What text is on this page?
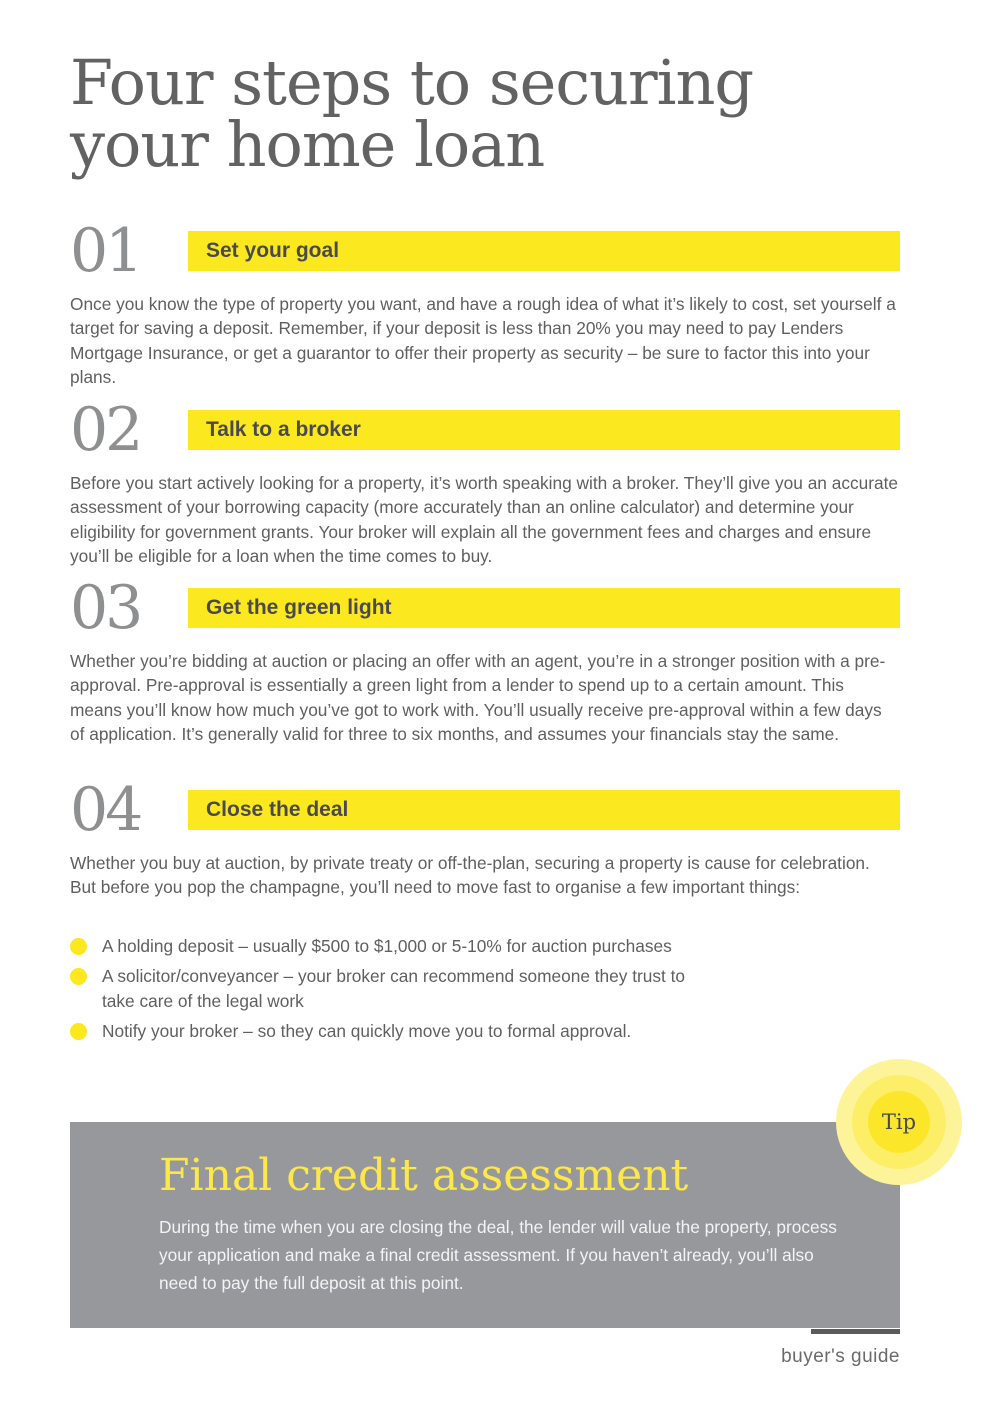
Four steps to securing your home loan
01	Set your goal

Once you know the type of property you want, and have a rough idea of what it’s likely to cost, set yourself a target for saving a deposit. Remember, if your deposit is less than 20% you may need to pay Lenders Mortgage Insurance, or get a guarantor to offer their property as security – be sure to factor this into your plans.

02	Talk to a broker

Before you start actively looking for a property, it’s worth speaking with a broker. They’ll give you an accurate assessment of your borrowing capacity (more accurately than an online calculator) and determine your eligibility for government grants. Your broker will explain all the government fees and charges and ensure you’ll be eligible for a loan when the time comes to buy.

03	Get the green light

Whether you’re bidding at auction or placing an offer with an agent, you’re in a stronger position with a pre-approval. Pre-approval is essentially a green light from a lender to spend up to a certain amount. This means you’ll know how much you’ve got to work with. You’ll usually receive pre-approval within a few days of application. It’s generally valid for three to six months, and assumes your financials stay the same.

04	Close the deal

Whether you buy at auction, by private treaty or off-the-plan, securing a property is cause for celebration. But before you pop the champagne, you’ll need to move fast to organise a few important things:

A holding deposit – usually $500 to $1,000 or 5-10% for auction purchases
A solicitor/conveyancer – your broker can recommend someone they trust to take care of the legal work
Notify your broker – so they can quickly move you to formal approval.
Final credit assessment

During the time when you are closing the deal, the lender will value the property, process your application and make a final credit assessment. If you haven’t already, you’ll also need to pay the full deposit at this point.

Tip

buyer's guide
